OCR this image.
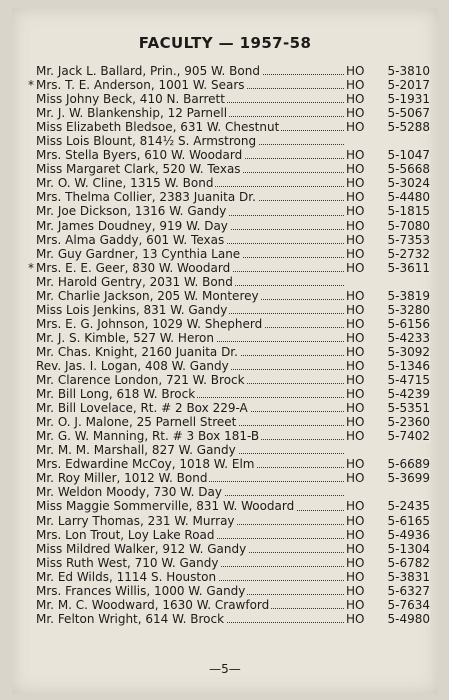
FACULTY — 1957-58
Mr. Jack L. Ballard, Prin., 905 W. Bond	HO 5-3810
* Mrs. T. E. Anderson, 1001 W. Sears	HO 5-2017
Miss Johny Beck, 410 N. Barrett	HO 5-1931
Mr. J. W. Blankenship, 12 Parnell	HO 5-5067
Miss Elizabeth Bledsoe, 631 W. Chestnut	HO 5-5288
Miss Lois Blount, 814½ S. Armstrong
Mrs. Stella Byers, 610 W. Woodard	HO 5-1047
Miss Margaret Clark, 520 W. Texas	HO 5-5668
Mr. O. W. Cline, 1315 W. Bond	HO 5-3024
Mrs. Thelma Collier, 2383 Juanita Dr.	HO 5-4480
Mr. Joe Dickson, 1316 W. Gandy	HO 5-1815
Mr. James Doudney, 919 W. Day	HO 5-7080
Mrs. Alma Gaddy, 601 W. Texas	HO 5-7353
Mr. Guy Gardner, 13 Cynthia Lane	HO 5-2732
* Mrs. E. E. Geer, 830 W. Woodard	HO 5-3611
Mr. Harold Gentry, 2031 W. Bond
Mr. Charlie Jackson, 205 W. Monterey	HO 5-3819
Miss Lois Jenkins, 831 W. Gandy	HO 5-3280
Mrs. E. G. Johnson, 1029 W. Shepherd	HO 5-6156
Mr. J. S. Kimble, 527 W. Heron	HO 5-4233
Mr. Chas. Knight, 2160 Juanita Dr.	HO 5-3092
Rev. Jas. I. Logan, 408 W. Gandy	HO 5-1346
Mr. Clarence London, 721 W. Brock	HO 5-4715
Mr. Bill Long, 618 W. Brock	HO 5-4239
Mr. Bill Lovelace, Rt. # 2 Box 229-A	HO 5-5351
Mr. O. J. Malone, 25 Parnell Street	HO 5-2360
Mr. G. W. Manning, Rt. # 3 Box 181-B	HO 5-7402
Mr. M. M. Marshall, 827 W. Gandy
Mrs. Edwardine McCoy, 1018 W. Elm	HO 5-6689
Mr. Roy Miller, 1012 W. Bond	HO 5-3699
Mr. Weldon Moody, 730 W. Day
Miss Maggie Sommerville, 831 W. Woodard	HO 5-2435
Mr. Larry Thomas, 231 W. Murray	HO 5-6165
Mrs. Lon Trout, Loy Lake Road	HO 5-4936
Miss Mildred Walker, 912 W. Gandy	HO 5-1304
Miss Ruth West, 710 W. Gandy	HO 5-6782
Mr. Ed Wilds, 1114 S. Houston	HO 5-3831
Mrs. Frances Willis, 1000 W. Gandy	HO 5-6327
Mr. M. C. Woodward, 1630 W. Crawford	HO 5-7634
Mr. Felton Wright, 614 W. Brock	HO 5-4980
—5—
